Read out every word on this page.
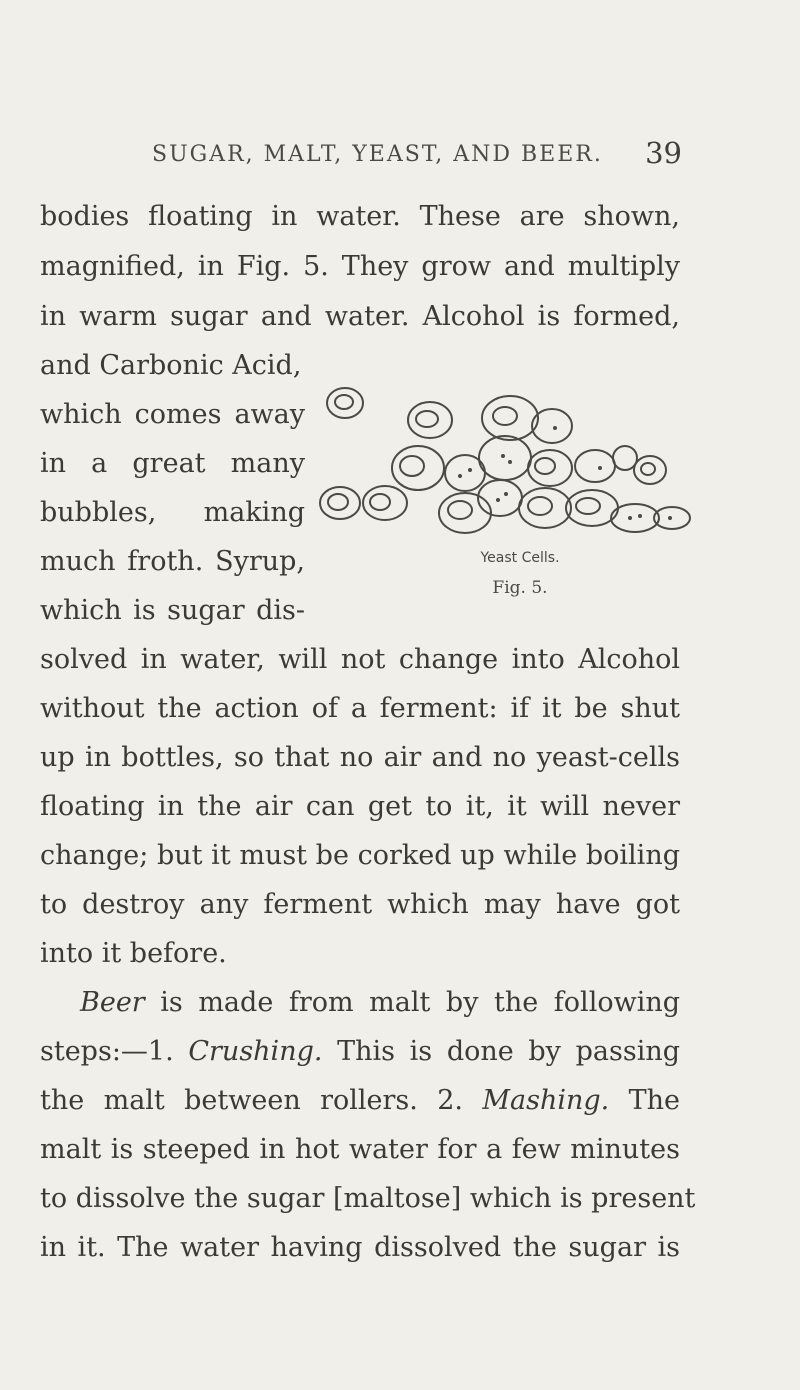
SUGAR, MALT, YEAST, AND BEER. 39

bodies floating in water. These are shown,

magnified, in Fig. 5. They grow and multiply

in warm sugar and water. Alcohol is formed,

and Carbonic Acid,

which comes away

in a great many

bubbles, making

much froth. Syrup,

which is sugar dis-

solved in water, will not change into Alcohol

without the action of a ferment: if it be shut

up in bottles, so that no air and no yeast-cells

floating in the air can get to it, it will never

change; but it must be corked up while boiling

to destroy any ferment which may have got

into it before.

Beer is made from malt by the following

steps:—1. Crushing. This is done by passing

the malt between rollers. 2. Mashing. The

malt is steeped in hot water for a few minutes

to dissolve the sugar [maltose] which is present

in it. The water having dissolved the sugar is

Yeast Cells.
Fig. 5.
